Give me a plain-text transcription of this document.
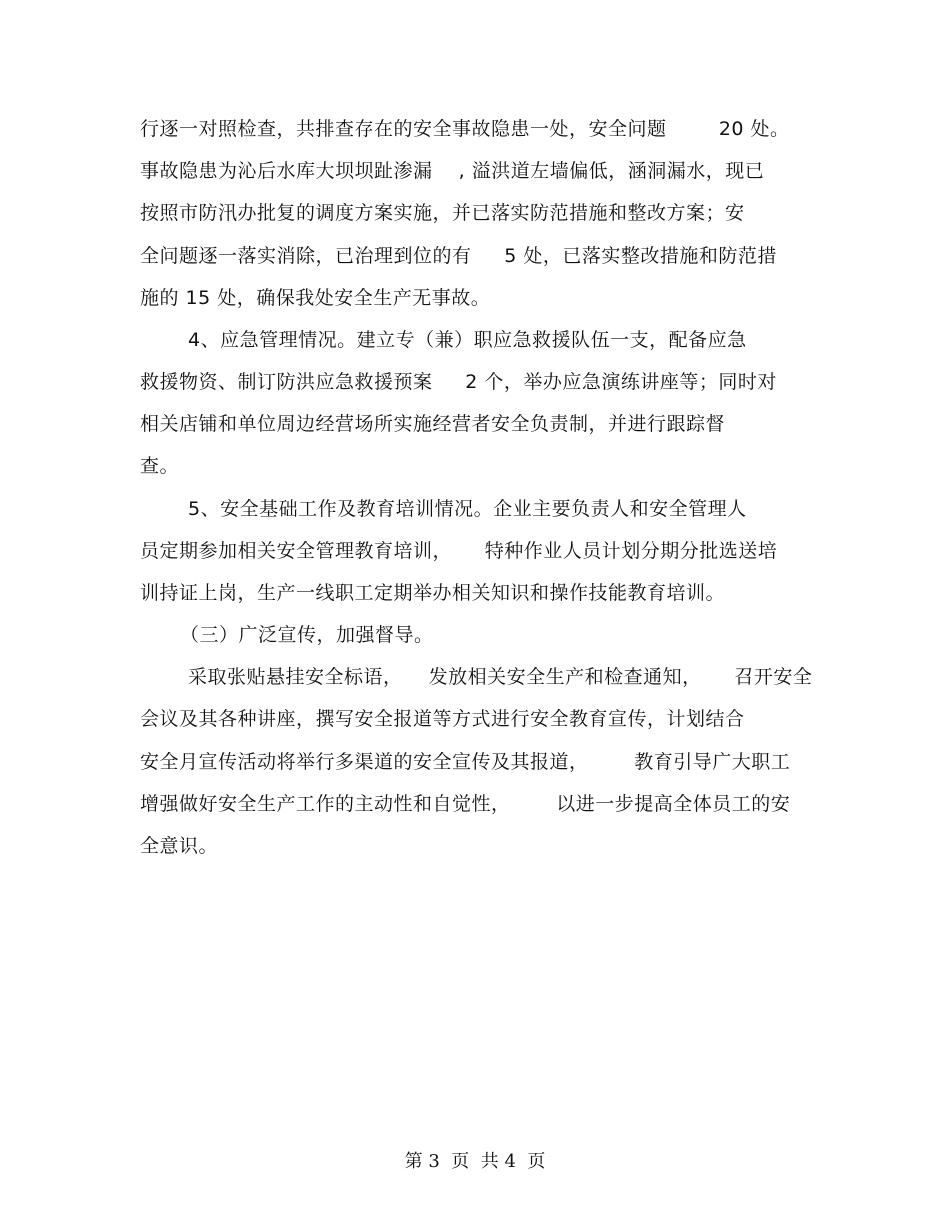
行逐一对照检查，共排查存在的安全事故隐患一处，安全问题        20 处。
事故隐患为沁后水库大坝坝趾渗漏    , 溢洪道左墙偏低，涵洞漏水，现已
按照市防汛办批复的调度方案实施，并已落实防范措施和整改方案；安
全问题逐一落实消除，已治理到位的有     5 处，已落实整改措施和防范措
施的 15 处，确保我处安全生产无事故。
4、应急管理情况。建立专（兼）职应急救援队伍一支，配备应急
救援物资、制订防洪应急救援预案     2 个，举办应急演练讲座等；同时对
相关店铺和单位周边经营场所实施经营者安全负责制，并进行跟踪督
查。
5、安全基础工作及教育培训情况。企业主要负责人和安全管理人
员定期参加相关安全管理教育培训，     特种作业人员计划分期分批选送培
训持证上岗，生产一线职工定期举办相关知识和操作技能教育培训。
（三）广泛宣传，加强督导。
采取张贴悬挂安全标语，    发放相关安全生产和检查通知，     召开安全
会议及其各种讲座，撰写安全报道等方式进行安全教育宣传，计划结合
安全月宣传活动将举行多渠道的安全宣传及其报道，       教育引导广大职工
增强做好安全生产工作的主动性和自觉性，       以进一步提高全体员工的安
全意识。
第 3  页  共 4  页
